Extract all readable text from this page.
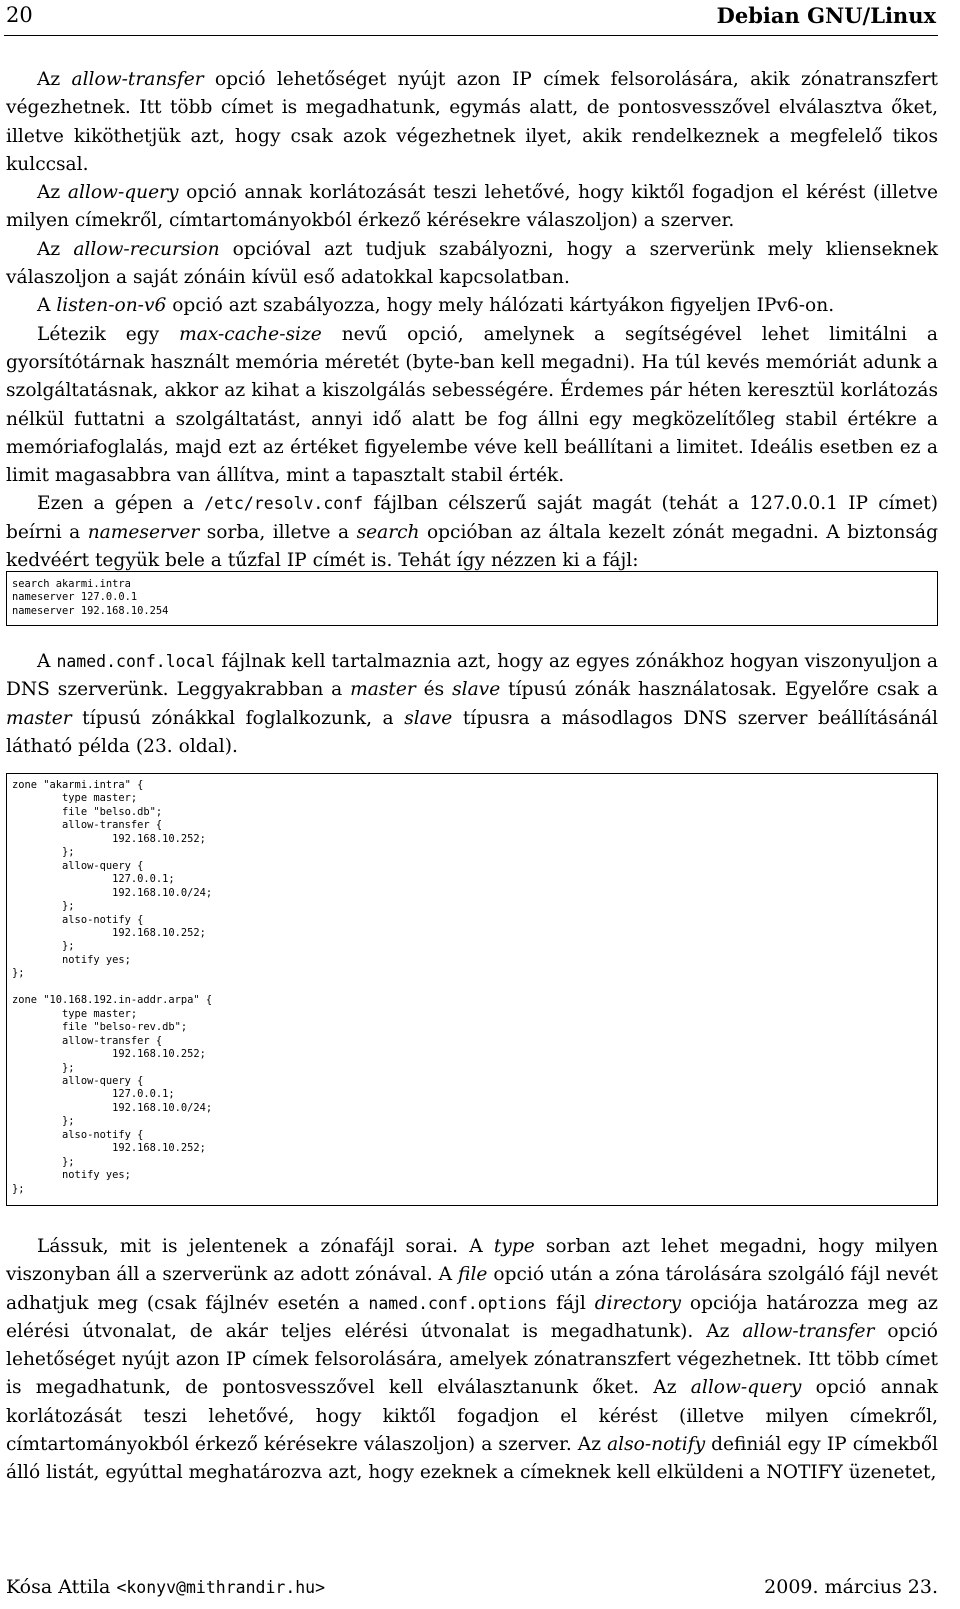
20	Debian GNU/Linux

Az allow-transfer opció lehetőséget nyújt azon IP címek felsorolására, akik zónatranszfert végezhetnek. Itt több címet is megadhatunk, egymás alatt, de pontosvesszővel elválasztva őket, illetve kiköthetjük azt, hogy csak azok végezhetnek ilyet, akik rendelkeznek a megfelelő tikos kulccsal.

Az allow-query opció annak korlátozását teszi lehetővé, hogy kiktől fogadjon el kérést (illetve milyen címekről, címtartományokból érkező kérésekre válaszoljon) a szerver.

Az allow-recursion opcióval azt tudjuk szabályozni, hogy a szerverünk mely klienseknek válaszoljon a saját zónáin kívül eső adatokkal kapcsolatban.

A listen-on-v6 opció azt szabályozza, hogy mely hálózati kártyákon figyeljen IPv6-on.

Létezik egy max-cache-size nevű opció, amelynek a segítségével lehet limitálni a gyorsítótárnak használt memória méretét (byte-ban kell megadni). Ha túl kevés memóriát adunk a szolgáltatásnak, akkor az kihat a kiszolgálás sebességére. Érdemes pár héten keresztül korlátozás nélkül futtatni a szolgáltatást, annyi idő alatt be fog állni egy megközelítőleg stabil értékre a memóriafoglalás, majd ezt az értéket figyelembe véve kell beállítani a limitet. Ideális esetben ez a limit magasabbra van állítva, mint a tapasztalt stabil érték.

Ezen a gépen a /etc/resolv.conf fájlban célszerű saját magát (tehát a 127.0.0.1 IP címet) beírni a nameserver sorba, illetve a search opcióban az általa kezelt zónát megadni. A biztonság kedvéért tegyük bele a tűzfal IP címét is. Tehát így nézzen ki a fájl:

search akarmi.intra
nameserver 127.0.0.1
nameserver 192.168.10.254

A named.conf.local fájlnak kell tartalmaznia azt, hogy az egyes zónákhoz hogyan viszonyuljon a DNS szerverünk. Leggyakrabban a master és slave típusú zónák használatosak. Egyelőre csak a master típusú zónákkal foglalkozunk, a slave típusra a másodlagos DNS szerver beállításánál látható példa (23. oldal).

zone "akarmi.intra" {
type master;
file "belso.db";
allow-transfer {
192.168.10.252;
};
allow-query {
127.0.0.1;
192.168.10.0/24;
};
also-notify {
192.168.10.252;
};
notify yes;
};

zone "10.168.192.in-addr.arpa" {
type master;
file "belso-rev.db";
allow-transfer {
192.168.10.252;
};
allow-query {
127.0.0.1;
192.168.10.0/24;
};
also-notify {
192.168.10.252;
};
notify yes;
};

Lássuk, mit is jelentenek a zónafájl sorai. A type sorban azt lehet megadni, hogy milyen viszonyban áll a szerverünk az adott zónával. A file opció után a zóna tárolására szolgáló fájl nevét adhatjuk meg (csak fájlnév esetén a named.conf.options fájl directory opciója határozza meg az elérési útvonalat, de akár teljes elérési útvonalat is megadhatunk). Az allow-transfer opció lehetőséget nyújt azon IP címek felsorolására, amelyek zónatranszfert végezhetnek. Itt több címet is megadhatunk, de pontosvesszővel kell elválasztanunk őket. Az allow-query opció annak korlátozását teszi lehetővé, hogy kiktől fogadjon el kérést (illetve milyen címekről, címtartományokból érkező kérésekre válaszoljon) a szerver. Az also-notify definiál egy IP címekből álló listát, egyúttal meghatározva azt, hogy ezeknek a címeknek kell elküldeni a NOTIFY üzenetet,

Kósa Attila <konyv@mithrandir.hu>	2009. március 23.
